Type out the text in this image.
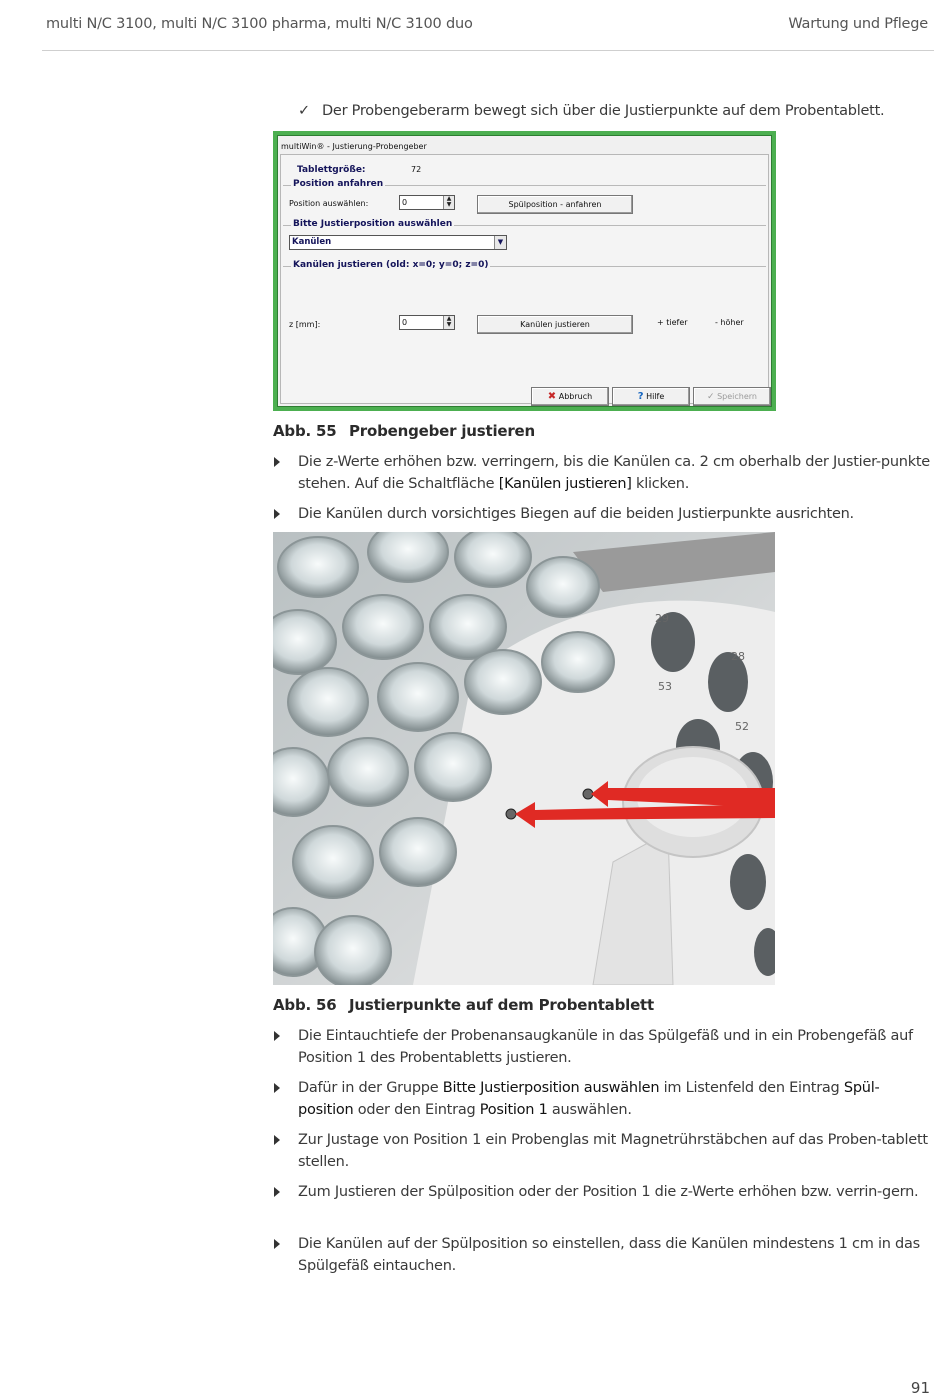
multi N/C 3100, multi N/C 3100 pharma, multi N/C 3100 duo	Wartung und Pflege
✓ Der Probengeberarm bewegt sich über die Justierpunkte auf dem Probentablett.
multiWin® - Justierung-Probengeber
Tablettgröße:	72
Position anfahren
Position auswählen:	0	▲
▼	Spülposition - anfahren
Bitte Justierposition auswählen
Kanülen	▼
Kanülen justieren (old: x=0; y=0; z=0)
z [mm]:	0	▲
▼	Kanülen justieren	+ tiefer	- höher
✖ Abbruch	? Hilfe	✓ Speichern
Abb. 55 Probengeber justieren
Die z-Werte erhöhen bzw. verringern, bis die Kanülen ca. 2 cm oberhalb der Justier-punkte stehen. Auf die Schaltfläche [Kanülen justieren] klicken.
Die Kanülen durch vorsichtiges Biegen auf die beiden Justierpunkte ausrichten.
29
28
53
52
Abb. 56 Justierpunkte auf dem Probentablett
Die Eintauchtiefe der Probenansaugkanüle in das Spülgefäß und in ein Probengefäß auf Position 1 des Probentabletts justieren.
Dafür in der Gruppe Bitte Justierposition auswählen im Listenfeld den Eintrag Spül-position oder den Eintrag Position 1 auswählen.
Zur Justage von Position 1 ein Probenglas mit Magnetrührstäbchen auf das Proben-tablett stellen.
Zum Justieren der Spülposition oder der Position 1 die z-Werte erhöhen bzw. verrin-gern.
Die Kanülen auf der Spülposition so einstellen, dass die Kanülen mindestens 1 cm in das Spülgefäß eintauchen.
91
